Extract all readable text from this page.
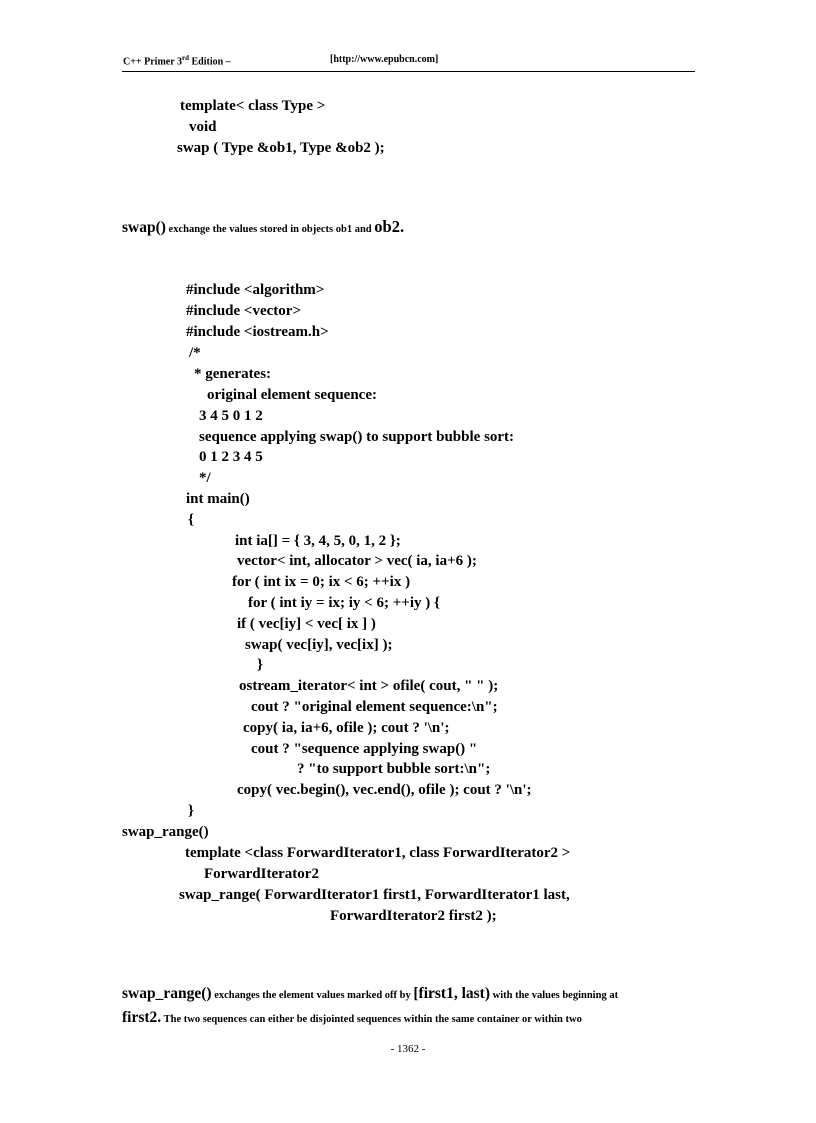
C++ Primer 3rd Edition –	[http://www.epubcn.com]
template< class Type >
void
swap ( Type &ob1, Type &ob2 );
swap() exchange the values stored in objects ob1 and ob2.
#include <algorithm>
#include <vector>
#include <iostream.h>
/*
* generates:
original element sequence:
3 4 5 0 1 2
sequence applying swap() to support bubble sort:
0 1 2 3 4 5
*/
int main()
{
int ia[] = { 3, 4, 5, 0, 1, 2 };
vector< int, allocator > vec( ia, ia+6 );
for ( int ix = 0; ix < 6; ++ix )
for ( int iy = ix; iy < 6; ++iy ) {
if ( vec[iy] < vec[ ix ] )
swap( vec[iy], vec[ix] );
}
ostream_iterator< int > ofile( cout, " " );
cout ? "original element sequence:\n";
copy( ia, ia+6, ofile ); cout ? '\n';
cout ? "sequence applying swap() "
? "to support bubble sort:\n";
copy( vec.begin(), vec.end(), ofile ); cout ? '\n';
}
swap_range()
template <class ForwardIterator1, class ForwardIterator2 >
ForwardIterator2
swap_range( ForwardIterator1 first1, ForwardIterator1 last,
ForwardIterator2 first2 );
swap_range() exchanges the element values marked off by [first1, last) with the values beginning at
first2. The two sequences can either be disjointed sequences within the same container or within two
- 1362 -
